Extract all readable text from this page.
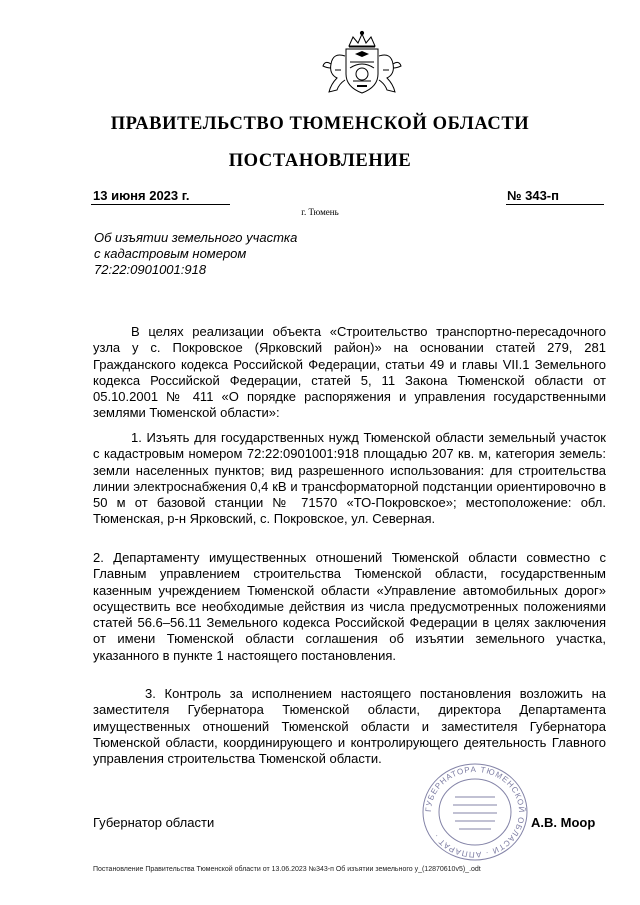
ПРАВИТЕЛЬСТВО ТЮМЕНСКОЙ ОБЛАСТИ
ПОСТАНОВЛЕНИЕ
13 июня 2023 г.	№ 343-п
г. Тюмень
Об изъятии земельного участка
с кадастровым номером
72:22:0901001:918
В целях реализации объекта «Строительство транспортно-пересадочного узла у с. Покровское (Ярковский район)» на основании статей 279, 281 Гражданского кодекса Российской Федерации, статьи 49 и главы VII.1 Земельного кодекса Российской Федерации, статей 5, 11 Закона Тюменской области от 05.10.2001 № 411 «О порядке распоряжения и управления государственными землями Тюменской области»:
1. Изъять для государственных нужд Тюменской области земельный участок с кадастровым номером 72:22:0901001:918 площадью 207 кв. м, категория земель: земли населенных пунктов; вид разрешенного использования: для строительства линии электроснабжения 0,4 кВ и трансформаторной подстанции ориентировочно в 50 м от базовой станции № 71570 «ТО-Покровское»; местоположение: обл. Тюменская, р-н Ярковский, с. Покровское, ул. Северная.
2. Департаменту имущественных отношений Тюменской области совместно с Главным управлением строительства Тюменской области, государственным казенным учреждением Тюменской области «Управление автомобильных дорог» осуществить все необходимые действия из числа предусмотренных положениями статей 56.6–56.11 Земельного кодекса Российской Федерации в целях заключения от имени Тюменской области соглашения об изъятии земельного участка, указанного в пункте 1 настоящего постановления.
3. Контроль за исполнением настоящего постановления возложить на заместителя Губернатора Тюменской области, директора Департамента имущественных отношений Тюменской области и заместителя Губернатора Тюменской области, координирующего и контролирующего деятельность Главного управления строительства Тюменской области.
ГУБЕРНАТОРА ТЮМЕНСКОЙ ОБЛАСТИ · АППАРАТ ·
Губернатор области	А.В. Моор
Постановление Правительства Тюменской области от 13.06.2023 №343-п Об изъятии земельного у_(12870610v5)_.odt
